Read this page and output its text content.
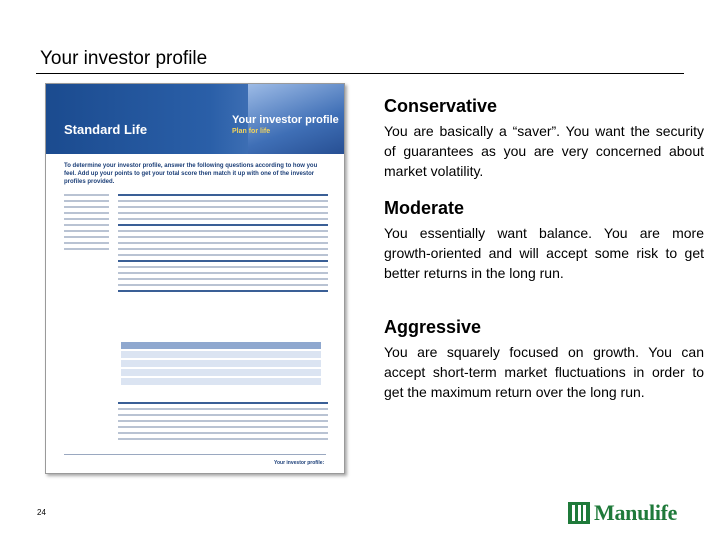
Your investor profile
Standard Life
Your investor profile
Plan for life
To determine your investor profile, answer the following questions according to how you feel. Add up your points to get your total score then match it up with one of the investor profiles provided.
Your investor profile:
Conservative
You are basically a “saver”. You want the security of guarantees as you are very concerned about market volatility.
Moderate
You essentially want balance. You are more growth-oriented and will accept some risk to get better returns in the long run.
Aggressive
You are squarely focused on growth. You can accept short-term market fluctuations in order to get the maximum return over the long run.
24	Manulife
